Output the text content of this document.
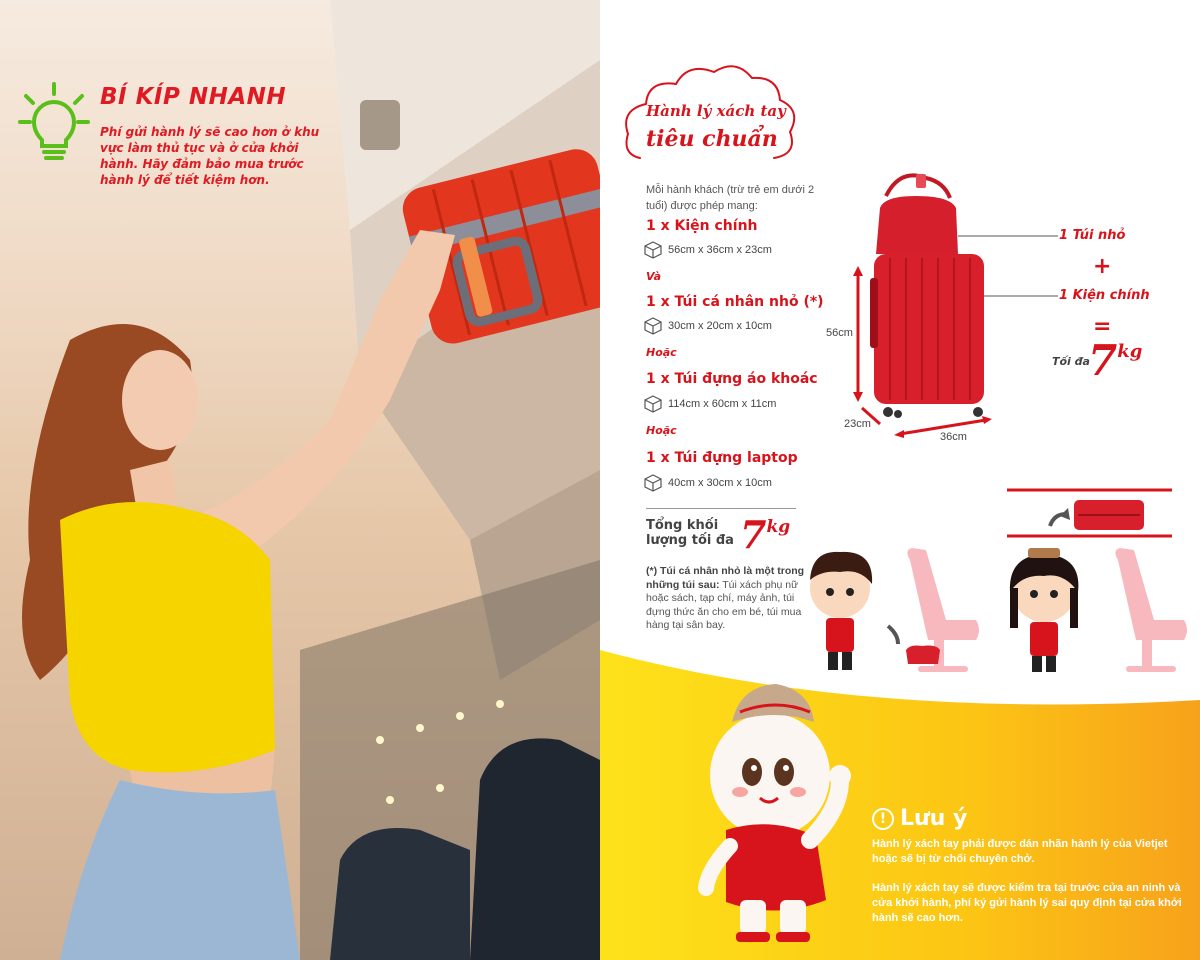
BÍ KÍP NHANH
Phí gửi hành lý sẽ cao hơn ở khu vực làm thủ tục và ở cửa khởi hành. Hãy đảm bảo mua trước hành lý để tiết kiệm hơn.
Hành lý xách tay
tiêu chuẩn
Mỗi hành khách (trừ trẻ em dưới 2 tuổi) được phép mang:
1 x Kiện chính
56cm x 36cm x 23cm
Và
1 x Túi cá nhân nhỏ (*)
30cm x 20cm x 10cm
Hoặc
1 x Túi đựng áo khoác
114cm x 60cm x 11cm
Hoặc
1 x Túi đựng laptop
40cm x 30cm x 10cm
Tổng khối lượng tối đa 7kg
(*) Túi cá nhân nhỏ là một trong những túi sau: Túi xách phụ nữ hoặc sách, tạp chí, máy ảnh, túi đựng thức ăn cho em bé, túi mua hàng tại sân bay.
56cm
23cm
36cm
1 Túi nhỏ
+
1 Kiện chính
=
Tối đa
7kg
! Lưu ý

Hành lý xách tay phải được dán nhãn hành lý của Vietjet hoặc sẽ bị từ chối chuyên chở.

Hành lý xách tay sẽ được kiểm tra tại trước cửa an ninh và cửa khởi hành, phí ký gửi hành lý sai quy định tại cửa khởi hành sẽ cao hơn.
